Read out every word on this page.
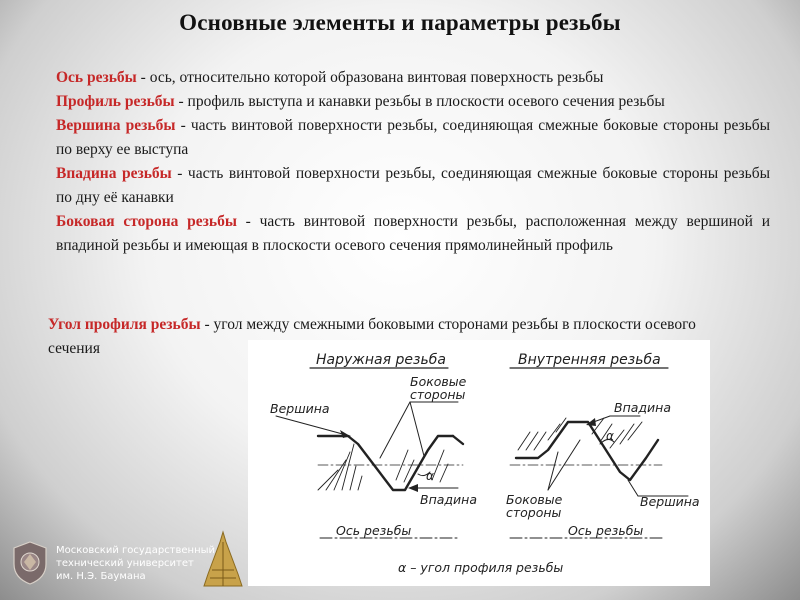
Основные элементы и параметры резьбы

Ось резьбы - ось, относительно которой образована винтовая поверхность резьбы

Профиль резьбы - профиль выступа и канавки резьбы в плоскости осевого сечения резьбы

Вершина резьбы - часть винтовой поверхности резьбы, соединяющая смежные боковые стороны резьбы по верху ее выступа

Впадина резьбы - часть винтовой поверхности резьбы, соединяющая смежные боковые стороны резьбы по дну её канавки

Боковая сторона резьбы - часть винтовой поверхности резьбы, расположенная между вершиной и впадиной резьбы и имеющая в плоскости осевого сечения прямолинейный профиль

Угол профиля резьбы - угол между смежными боковыми сторонами резьбы в плоскости осевого сечения
Наружная резьба	Внутренняя резьба
Вершина
Боковые
стороны
α
Впадина
Ось резьбы
Впадина
α
Боковые
стороны
Вершина
Ось резьбы
α – угол профиля резьбы
Московский государственный
технический университет
им. Н.Э. Баумана
